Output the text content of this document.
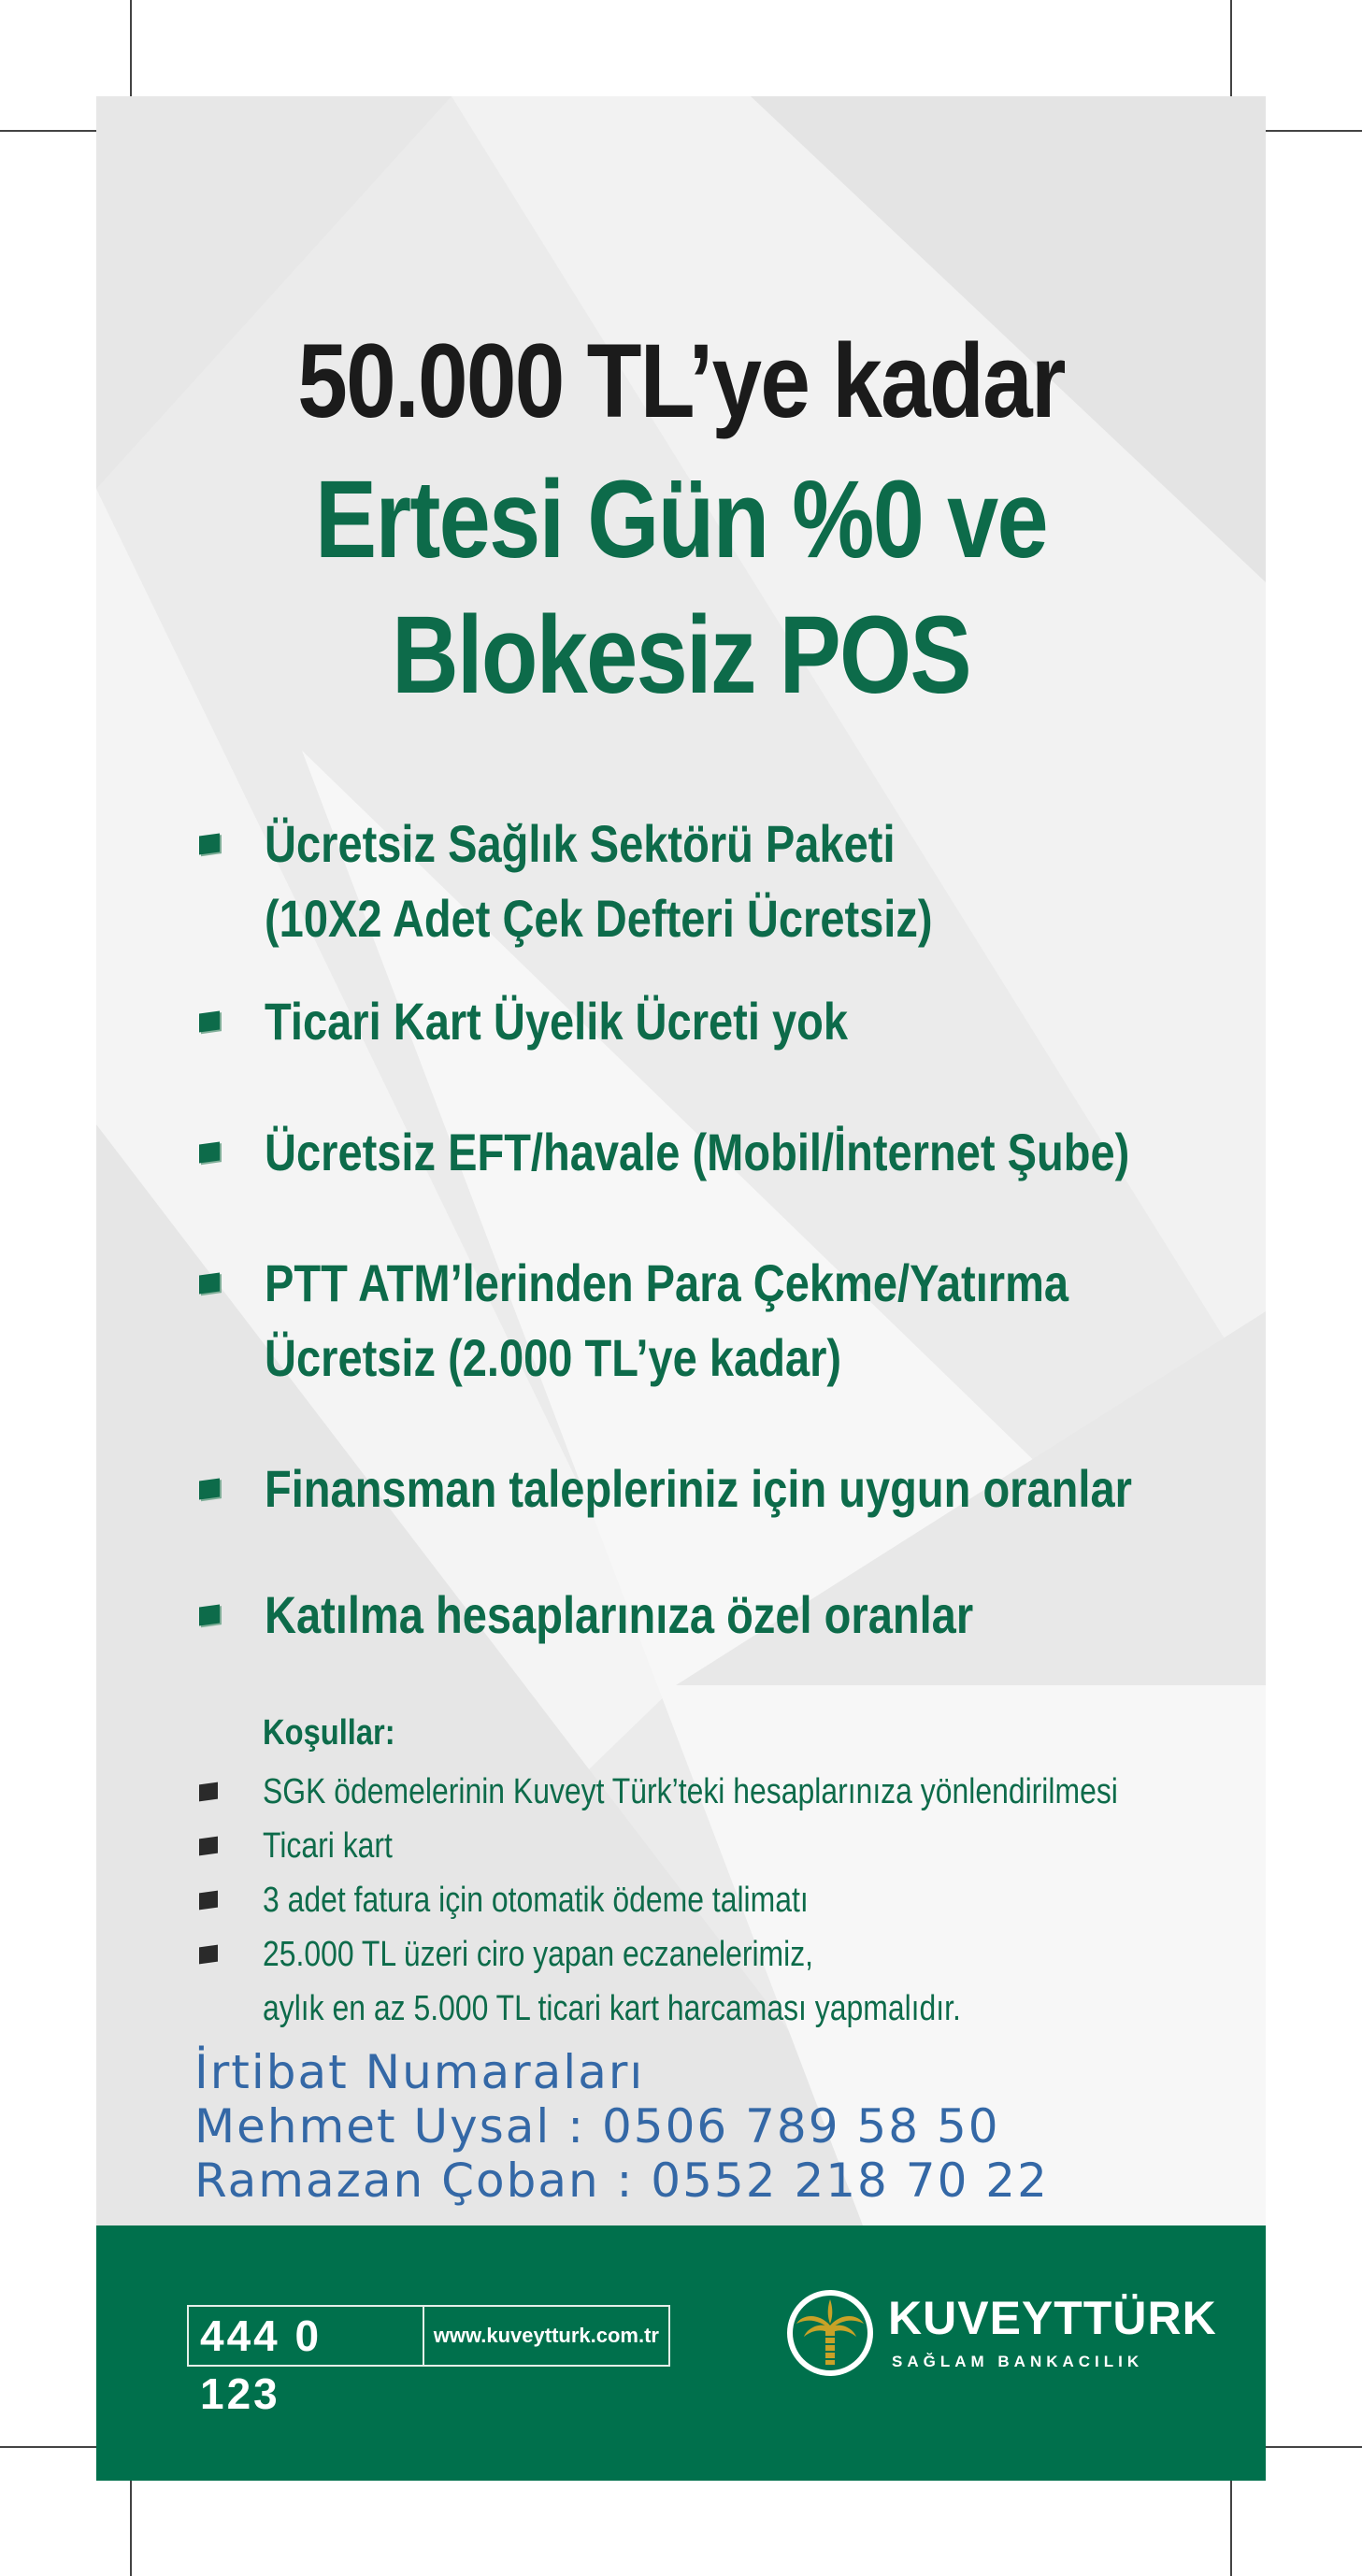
50.000 TL’ye kadar
Ertesi Gün %0 ve
Blokesiz POS
Ücretsiz Sağlık Sektörü Paketi
(10X2 Adet Çek Defteri Ücretsiz)
Ticari Kart Üyelik Ücreti yok
Ücretsiz EFT/havale (Mobil/İnternet Şube)
PTT ATM’lerinden Para Çekme/Yatırma
Ücretsiz (2.000 TL’ye kadar)
Finansman talepleriniz için uygun oranlar
Katılma hesaplarınıza özel oranlar
Koşullar:
SGK ödemelerinin Kuveyt Türk’teki hesaplarınıza yönlendirilmesi
Ticari kart
3 adet fatura için otomatik ödeme talimatı
25.000 TL üzeri ciro yapan eczanelerimiz,
aylık en az 5.000 TL ticari kart harcaması yapmalıdır.
İrtibat Numaraları
Mehmet Uysal : 0506 789 58 50
Ramazan Çoban : 0552 218 70 22
444 0 123
www.kuveytturk.com.tr	KUVEYTTÜRK
SAĞLAM BANKACILIK
